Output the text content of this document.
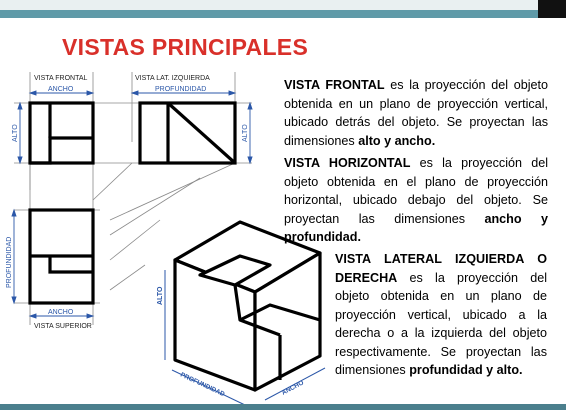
VISTAS PRINCIPALES
VISTA FRONTAL	VISTA LAT. IZQUIERDA
VISTA SUPERIOR
ANCHO	PROFUNDIDAD
ALTO	ALTO
PROFUNDIDAD
ANCHO
ALTO
PROFUNDIDAD	ANCHO
VISTA FRONTAL es la proyección del objeto obtenida en un plano de proyección vertical, ubicado detrás del objeto. Se proyectan las dimensiones alto y ancho.
VISTA HORIZONTAL es la proyección del objeto obtenida en el plano de proyección horizontal, ubicado debajo del objeto. Se proyectan las dimensiones ancho y profundidad.
VISTA LATERAL IZQUIERDA O DERECHA es la proyección del objeto obtenida en un plano de proyección vertical, ubicado a la derecha o a la izquierda del objeto respectivamente. Se proyectan las dimensiones profundidad y alto.
